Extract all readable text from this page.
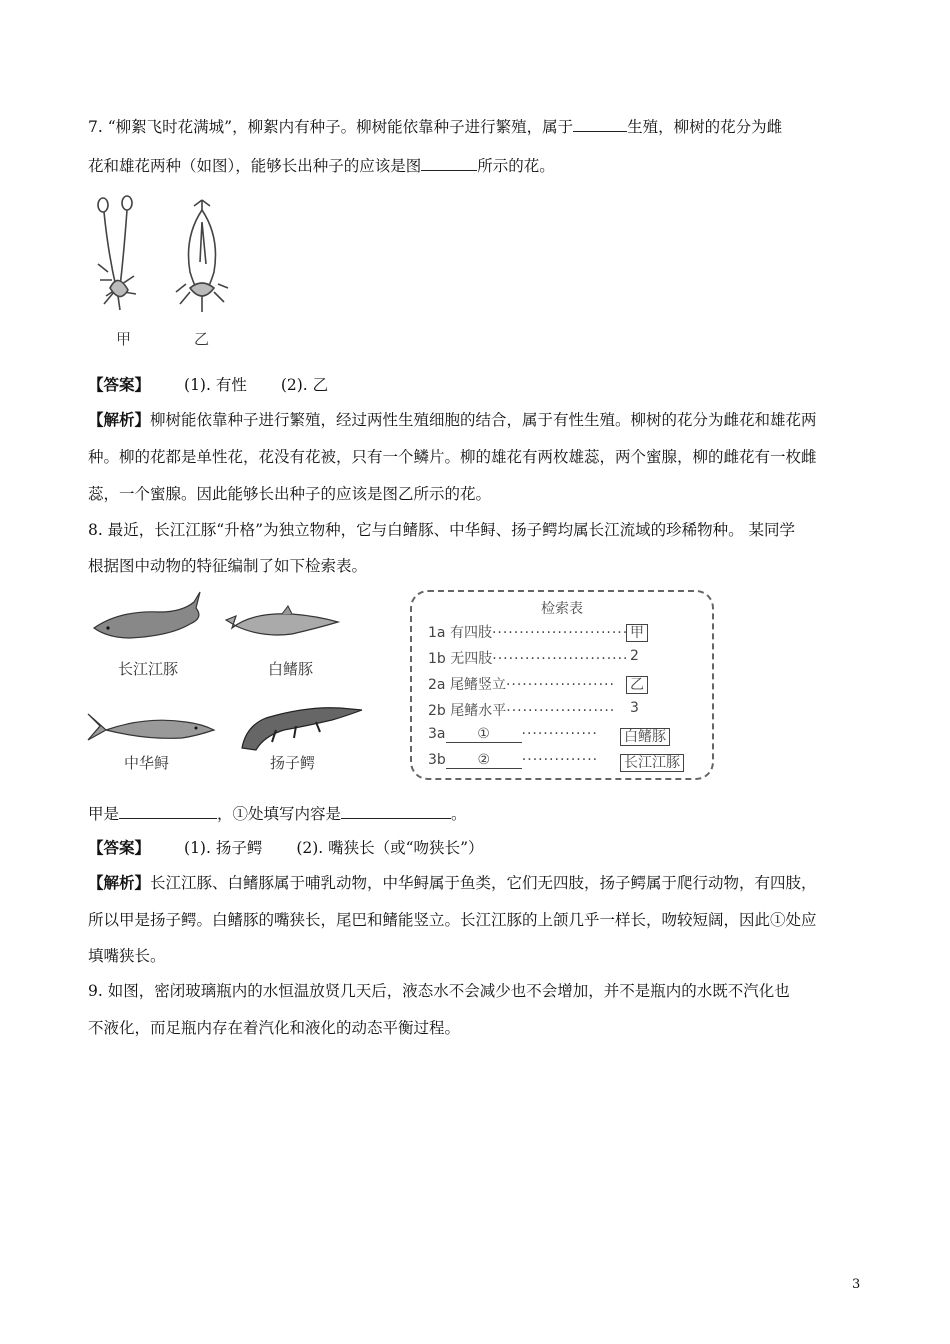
7. “柳絮飞时花满城”，柳絮内有种子。柳树能依靠种子进行繁殖，属于	生殖，柳树的花分为雌
花和雄花两种（如图），能够长出种子的应该是图	所示的花。
甲	乙
【答案】 (1). 有性 (2). 乙
【解析】柳树能依靠种子进行繁殖，经过两性生殖细胞的结合，属于有性生殖。柳树的花分为雌花和雄花两
种。柳的花都是单性花，花没有花被，只有一个鳞片。柳的雄花有两枚雄蕊，两个蜜腺，柳的雌花有一枚雌
蕊，一个蜜腺。因此能够长出种子的应该是图乙所示的花。
8. 最近，长江江豚“升格”为独立物种，它与白鳍豚、中华鲟、扬子鳄均属长江流域的珍稀物种。 某同学
根据图中动物的特征编制了如下检索表。
长江江豚	白鳍豚
中华鲟	扬子鳄
检索表
1a 有四肢························· 甲
1b 无四肢························· 2
2a 尾鳍竖立···················· 乙
2b 尾鳍水平···················· 3
3a ① ·············· 白鳍豚
3b ② ·············· 长江江豚
甲是	，①处填写内容是	。
【答案】 (1). 扬子鳄 (2). 嘴狭长（或“吻狭长”）
【解析】长江江豚、白鳍豚属于哺乳动物，中华鲟属于鱼类，它们无四肢，扬子鳄属于爬行动物，有四肢，
所以甲是扬子鳄。白鳍豚的嘴狭长，尾巴和鳍能竖立。长江江豚的上颌几乎一样长，吻较短阔，因此①处应
填嘴狭长。
9. 如图，密闭玻璃瓶内的水恒温放贤几天后，液态水不会减少也不会增加，并不是瓶内的水既不汽化也
不液化，而足瓶内存在着汽化和液化的动态平衡过程。
3
